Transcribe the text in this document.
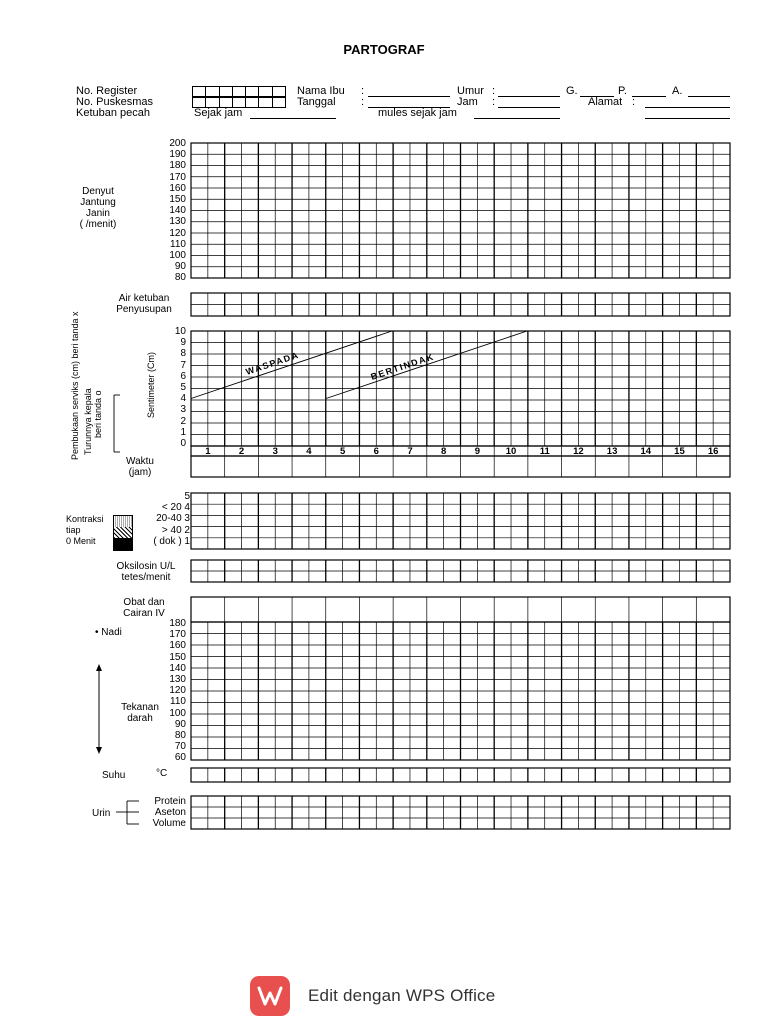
PARTOGRAF
No. Register
No. Puskesmas
Ketuban pecah
Nama Ibu
Tanggal
Sejak jam
:
:
mules sejak jam
Umur
Jam
:
:
G.	P.	A.
Alamat :
1	2	3	4	5	6	7	8	9	10 11 12 13 14 15 16
WASPADA	BERTINDAK
200
190
180
170
160
150
140
130
120
110
100
90
80
Denyut
Jantung
Janin
( /menit)
Air ketuban
Penyusupan
10
9
8
7
6
5
4
3
2
1
0
Pembukaan serviks (cm) beri tanda x Turunnya kepala beri tanda o	Sentimeter (Cm)
Waktu
(jam)
Kontraksi
tiap
0 Menit
5
< 20 4
20-40 3
> 40 2
( dok ) 1
Oksilosin U/L
tetes/menit
Obat dan
Cairan IV
180
170
160
150
140
130
120
110
100
90
80
70
60
• Nadi
Tekanan
darah
Suhu	°C
Urin
Protein
Aseton
Volume
Edit dengan WPS Office
